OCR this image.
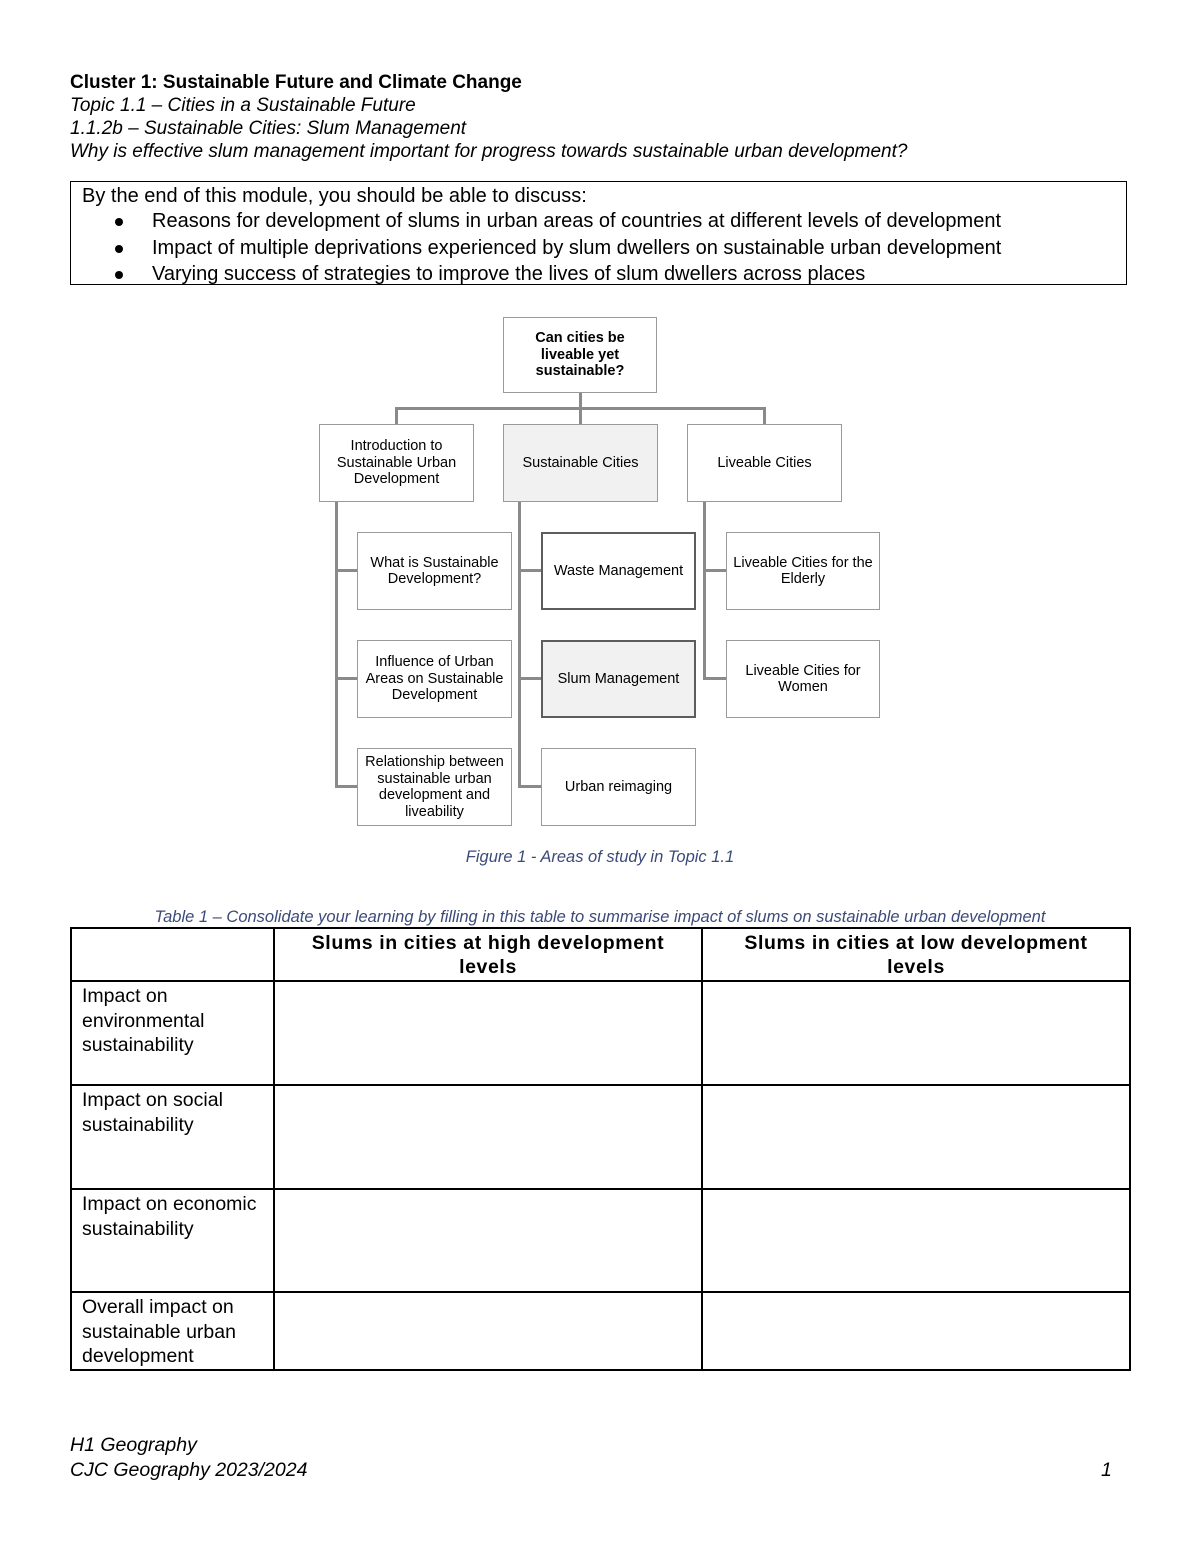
Cluster 1: Sustainable Future and Climate Change
Topic 1.1 – Cities in a Sustainable Future
1.1.2b – Sustainable Cities: Slum Management
Why is effective slum management important for progress towards sustainable urban development?
By the end of this module, you should be able to discuss:
Reasons for development of slums in urban areas of countries at different levels of development
Impact of multiple deprivations experienced by slum dwellers on sustainable urban development
Varying success of strategies to improve the lives of slum dwellers across places
Can cities be liveable yet sustainable?
Introduction to Sustainable Urban Development
Sustainable Cities	Liveable Cities
What is Sustainable Development?
Influence of Urban Areas on Sustainable Development
Relationship between sustainable urban development and liveability
Waste Management
Slum Management
Urban reimaging
Liveable Cities for the Elderly
Liveable Cities for Women
Figure 1 - Areas of study in Topic 1.1
Table 1 – Consolidate your learning by filling in this table to summarise impact of slums on sustainable urban development
	Slums in cities at high development levels	Slums in cities at low development levels
Impact on environmental sustainability		
Impact on social sustainability		
Impact on economic sustainability		
Overall impact on sustainable urban development		
H1 Geography
CJC Geography 2023/2024	1
